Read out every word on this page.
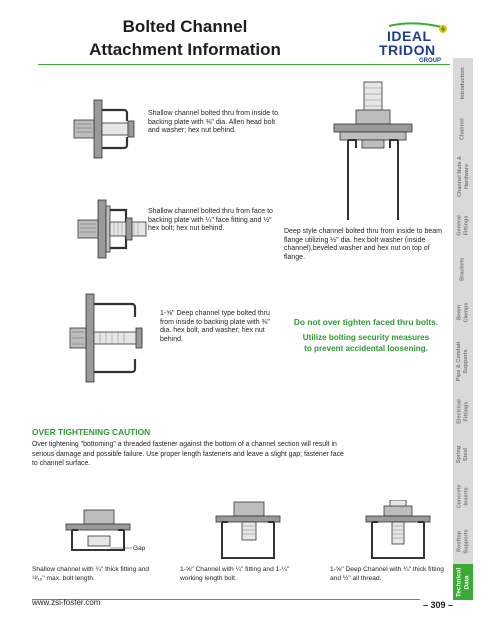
Bolted Channel
Attachment Information
IDEAL
TRIDON
GROUP
Introduction
Channel
Channel Nuts &
Hardware
General
Fittings
Brackets
Beam
Clamps
Pipe & Conduit
Supports
Electrical
Fittings
Spring
Steel
Concrete
Inserts
Rooftop
Supports
Technical
Data
Shallow channel bolted thru from inside to backing plate with ⅜" dia. Allen head bolt and washer; hex nut behind.
Shallow channel bolted thru from face to backing plate with ¼" face fitting and ½" hex bolt; hex nut behind.	Deep style channel bolted thru from inside to beam flange utilizing ½" dia. hex bolt washer (inside channel),beveled washer and hex nut on top of flange.
1-⅝" Deep channel type bolted thru from inside to backing plate with ⅜" dia. hex bolt, and washer; hex nut behind.
Do not over tighten faced thru bolts.
Utilize bolting security measures
to prevent accidental loosening.
OVER TIGHTENING CAUTION
Over tightening "bottoming" a threaded fastener against the bottom of a channel section will result in serious damage and possible failure. Use proper length fasteners and leave a slight gap; fastener face to channel surface.
Gap
Shallow channel with ¼" thick fitting and ¹³⁄₁₆" max. bolt length.
1-⅝" Channel with ¼" fitting and 1-¼" working length bolt.
1-⅝" Deep Channel with ¼" thick fitting and ½" all thread.
www.zsi-foster.com	– 309 –
